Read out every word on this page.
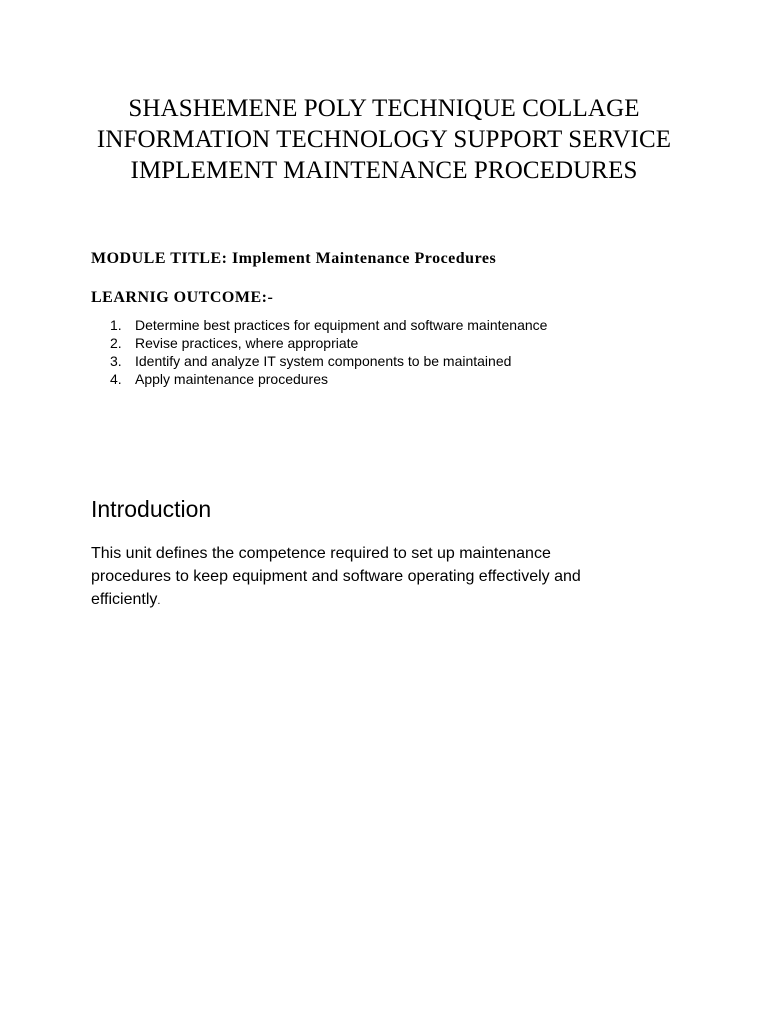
SHASHEMENE POLY TECHNIQUE COLLAGE
INFORMATION TECHNOLOGY SUPPORT SERVICE
IMPLEMENT MAINTENANCE PROCEDURES
MODULE TITLE: Implement Maintenance Procedures
LEARNIG OUTCOME:-
1. Determine best practices for equipment and software maintenance
2. Revise practices, where appropriate
3. Identify and analyze IT system components to be maintained
4. Apply maintenance procedures
Introduction
This unit defines the competence required to set up maintenance
procedures to keep equipment and software operating effectively and
efficiently.
